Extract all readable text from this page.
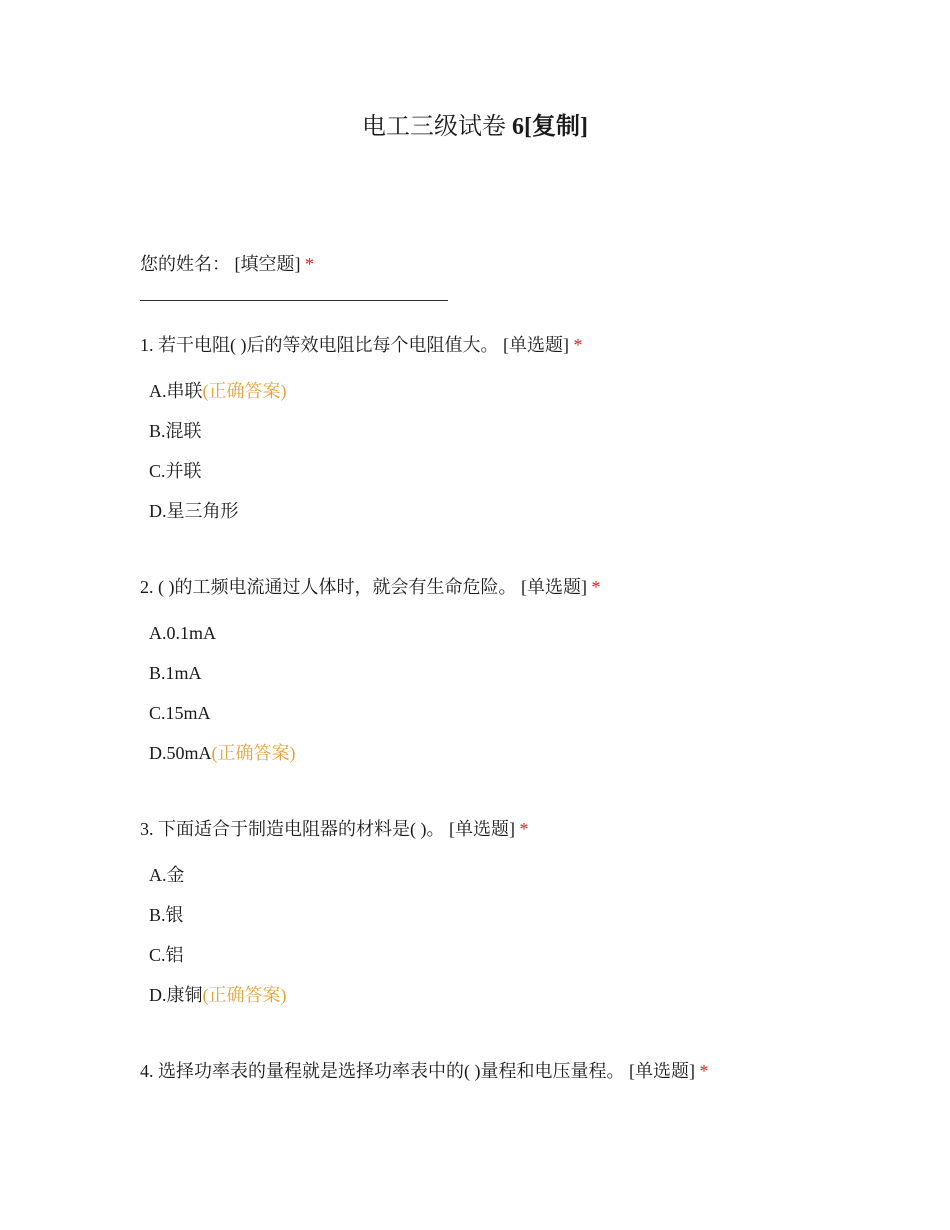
电工三级试卷 6[复制]
您的姓名： [填空题] *
1. 若干电阻( )后的等效电阻比每个电阻值大。 [单选题] *
A.串联(正确答案)
B.混联
C.并联
D.星三角形
2. ( )的工频电流通过人体时，就会有生命危险。 [单选题] *
A.0.1mA
B.1mA
C.15mA
D.50mA(正确答案)
3. 下面适合于制造电阻器的材料是( )。 [单选题] *
A.金
B.银
C.铝
D.康铜(正确答案)
4. 选择功率表的量程就是选择功率表中的( )量程和电压量程。 [单选题] *
